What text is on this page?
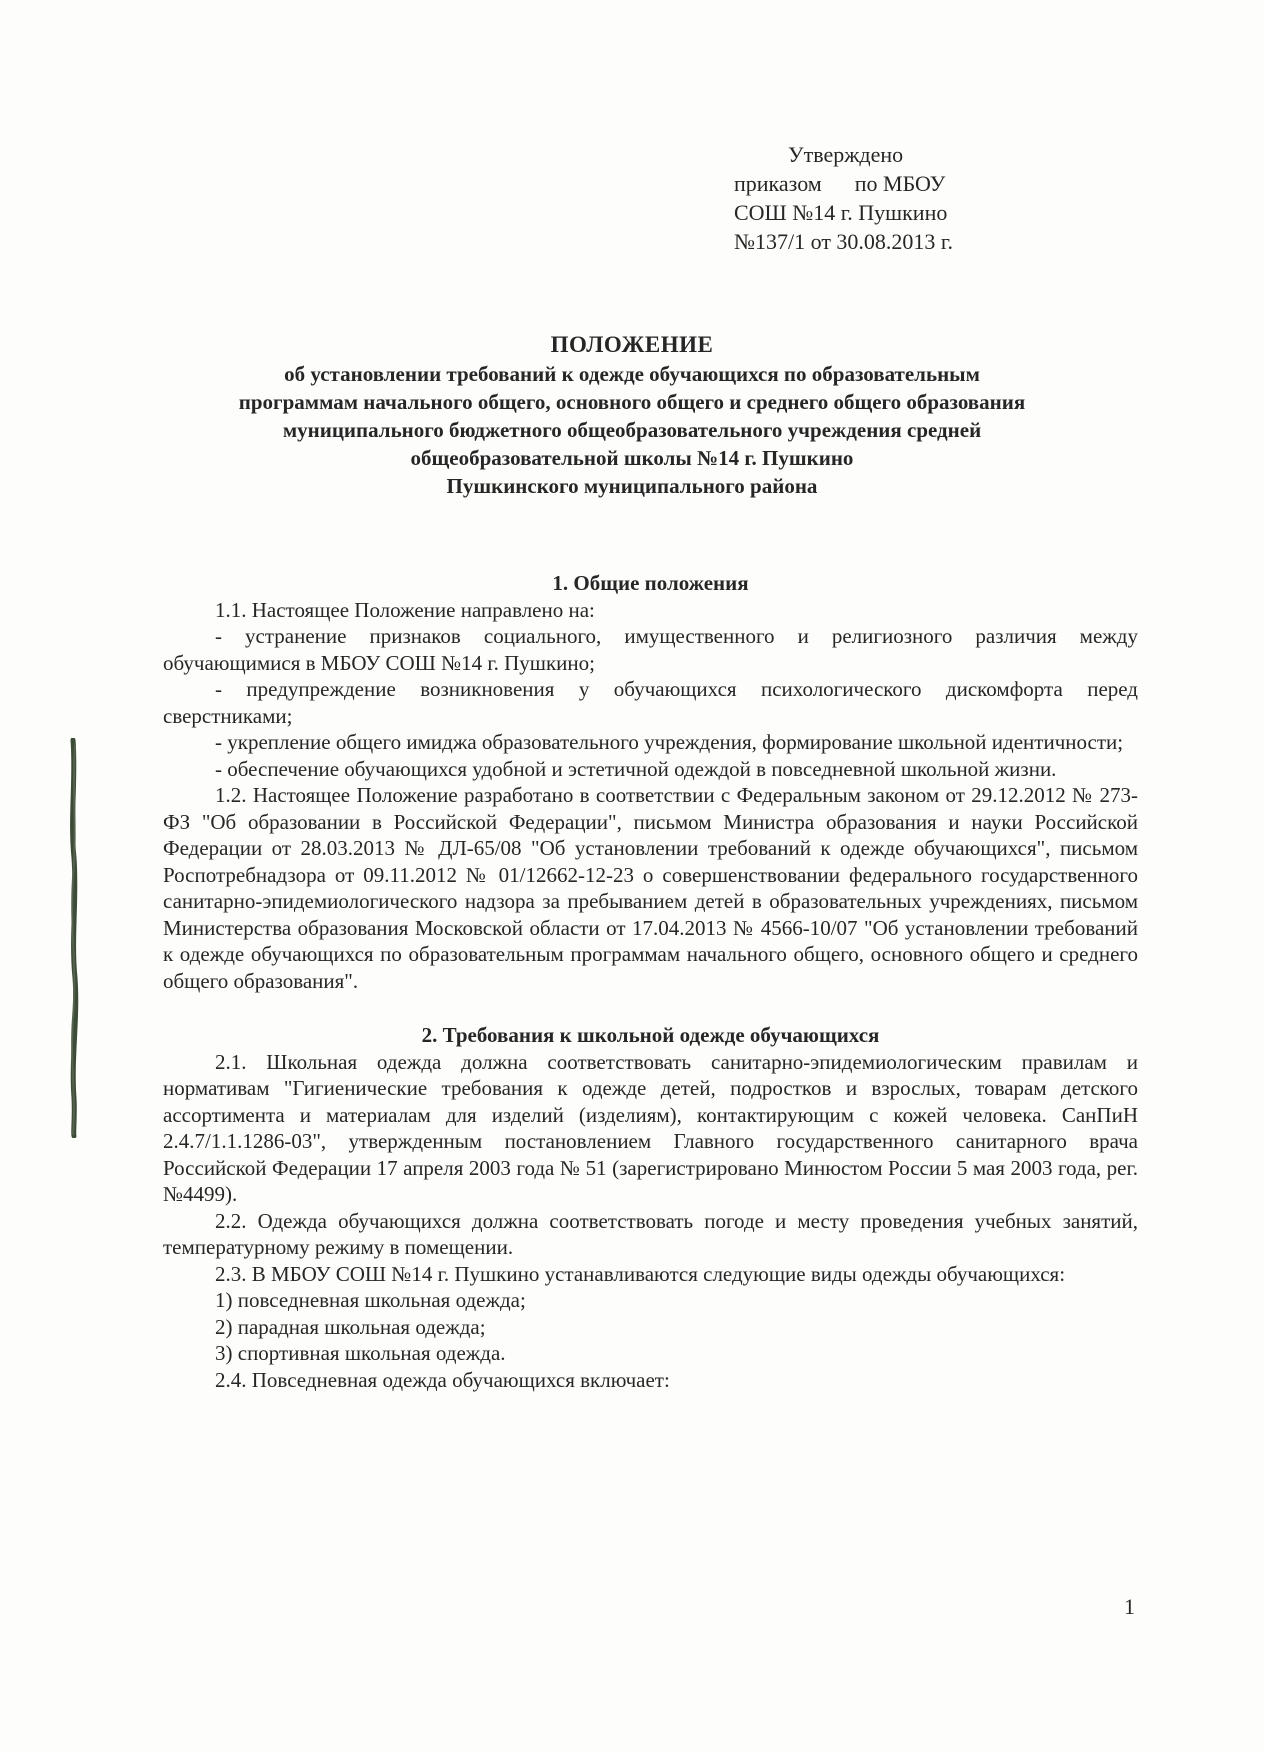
Утверждено
приказом      по МБОУ
СОШ №14 г. Пушкино
№137/1 от 30.08.2013 г.
ПОЛОЖЕНИЕ
об установлении требований к одежде обучающихся по образовательным
программам начального общего, основного общего и среднего общего образования
муниципального бюджетного общеобразовательного учреждения средней
общеобразовательной школы №14 г. Пушкино
Пушкинского муниципального района

1. Общие положения

1.1. Настоящее Положение направлено на:

- устранение признаков социального, имущественного и религиозного различия между обучающимися в МБОУ СОШ №14 г. Пушкино;

- предупреждение возникновения у обучающихся психологического дискомфорта перед сверстниками;

- укрепление общего имиджа образовательного учреждения, формирование школьной идентичности;

- обеспечение обучающихся удобной и эстетичной одеждой в повседневной школьной жизни.

1.2. Настоящее Положение разработано в соответствии с Федеральным законом от 29.12.2012 № 273-ФЗ "Об образовании в Российской Федерации", письмом Министра образования и науки Российской Федерации от 28.03.2013 № ДЛ-65/08 "Об установлении требований к одежде обучающихся", письмом Роспотребнадзора от 09.11.2012 № 01/12662-12-23 о совершенствовании федерального государственного санитарно-эпидемиологического надзора за пребыванием детей в образовательных учреждениях, письмом Министерства образования Московской области от 17.04.2013 № 4566-10/07 "Об установлении требований к одежде обучающихся по образовательным программам начального общего, основного общего и среднего общего образования".

2. Требования к школьной одежде обучающихся

2.1. Школьная одежда должна соответствовать санитарно-эпидемиологическим правилам и нормативам "Гигиенические требования к одежде детей, подростков и взрослых, товарам детского ассортимента и материалам для изделий (изделиям), контактирующим с кожей человека. СанПиН 2.4.7/1.1.1286-03", утвержденным постановлением Главного государственного санитарного врача Российской Федерации 17 апреля 2003 года № 51 (зарегистрировано Минюстом России 5 мая 2003 года, рег.№4499).

2.2. Одежда обучающихся должна соответствовать погоде и месту проведения учебных занятий, температурному режиму в помещении.

2.3. В МБОУ СОШ №14 г. Пушкино устанавливаются следующие виды одежды обучающихся:

1) повседневная школьная одежда;

2) парадная школьная одежда;

3) спортивная школьная одежда.

2.4. Повседневная одежда обучающихся включает:

1
